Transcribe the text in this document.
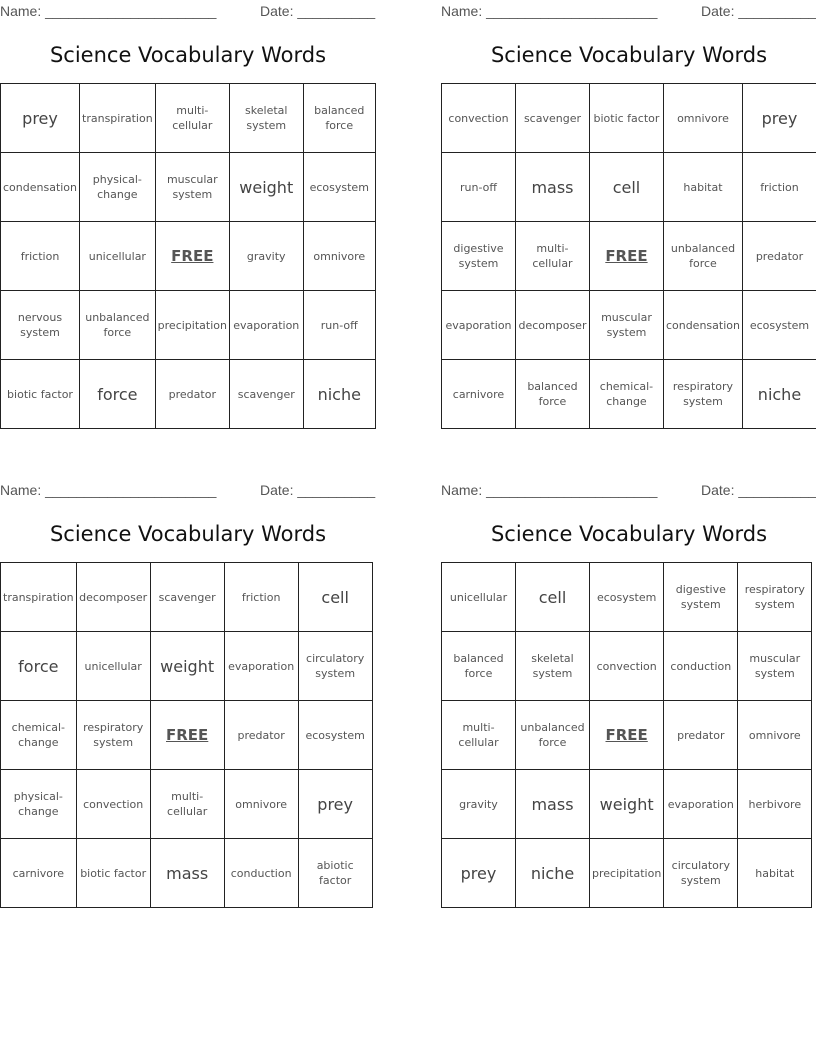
Name: ______________________	Date: __________
Science Vocabulary Words
prey	transpiration	multi-cellular	skeletal system	balanced force
condensation	physical-change	muscular system	weight	ecosystem
friction	unicellular	FREE	gravity	omnivore
nervous system	unbalanced force	precipitation	evaporation	run-off
biotic factor	force	predator	scavenger	niche
Name: ______________________	Date: __________
Science Vocabulary Words
convection	scavenger	biotic factor	omnivore	prey
run-off	mass	cell	habitat	friction
digestive system	multi-cellular	FREE	unbalanced force	predator
evaporation	decomposer	muscular system	condensation	ecosystem
carnivore	balanced force	chemical-change	respiratory system	niche
Name: ______________________	Date: __________
Science Vocabulary Words
transpiration	decomposer	scavenger	friction	cell
force	unicellular	weight	evaporation	circulatory system
chemical-change	respiratory system	FREE	predator	ecosystem
physical-change	convection	multi-cellular	omnivore	prey
carnivore	biotic factor	mass	conduction	abiotic factor
Name: ______________________	Date: __________
Science Vocabulary Words
unicellular	cell	ecosystem	digestive system	respiratory system
balanced force	skeletal system	convection	conduction	muscular system
multi-cellular	unbalanced force	FREE	predator	omnivore
gravity	mass	weight	evaporation	herbivore
prey	niche	precipitation	circulatory system	habitat
